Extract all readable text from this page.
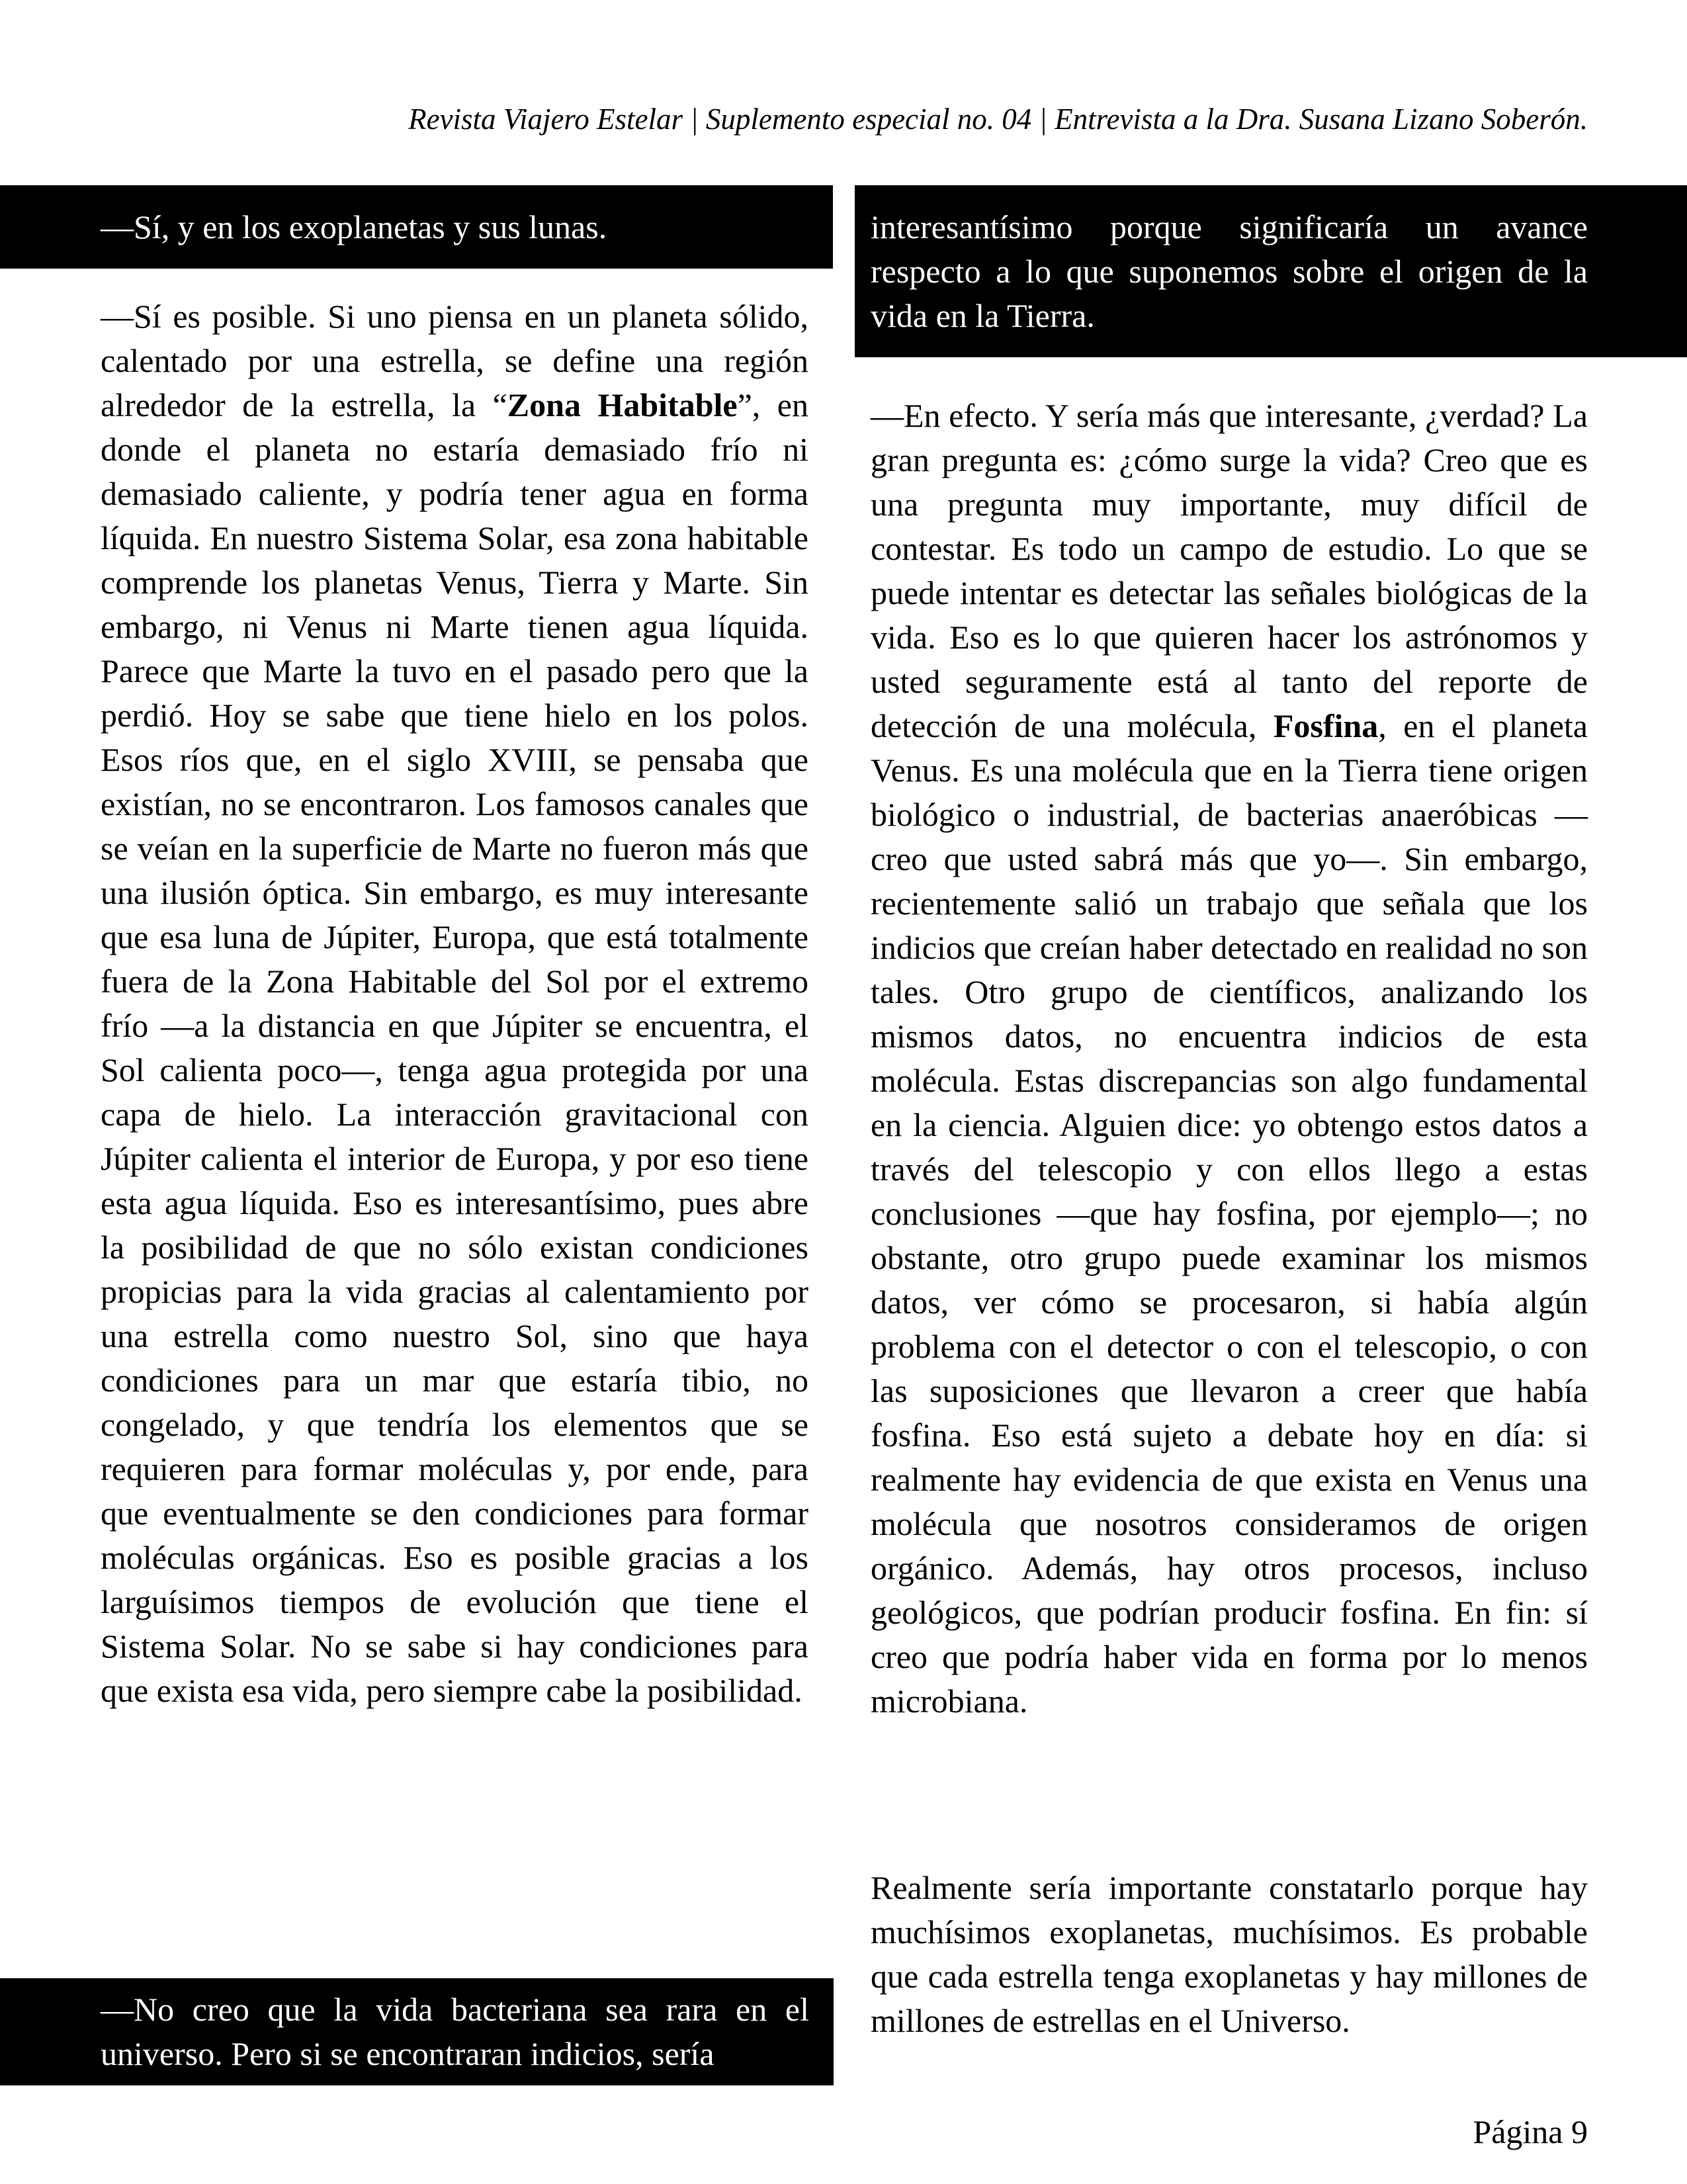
Revista Viajero Estelar | Suplemento especial no. 04 | Entrevista a la Dra. Susana Lizano Soberón.

—Sí, y en los exoplanetas y sus lunas.

—Sí es posible. Si uno piensa en un planeta sólido, calentado por una estrella, se define una región alrededor de la estrella, la “Zona Habitable”, en donde el planeta no estaría demasiado frío ni demasiado caliente, y podría tener agua en forma líquida. En nuestro Sistema Solar, esa zona habitable comprende los planetas Venus, Tierra y Marte. Sin embargo, ni Venus ni Marte tienen agua líquida. Parece que Marte la tuvo en el pasado pero que la perdió. Hoy se sabe que tiene hielo en los polos. Esos ríos que, en el siglo XVIII, se pensaba que existían, no se encontraron. Los famosos canales que se veían en la superficie de Marte no fueron más que una ilusión óptica. Sin embargo, es muy interesante que esa luna de Júpiter, Europa, que está totalmente fuera de la Zona Habitable del Sol por el extremo frío —a la distancia en que Júpiter se encuentra, el Sol calienta poco—, tenga agua protegida por una capa de hielo. La interacción gravitacional con Júpiter calienta el interior de Europa, y por eso tiene esta agua líquida. Eso es interesantísimo, pues abre la posibilidad de que no sólo existan condiciones propicias para la vida gracias al calentamiento por una estrella como nuestro Sol, sino que haya condiciones para un mar que estaría tibio, no congelado, y que tendría los elementos que se requieren para formar moléculas y, por ende, para que eventualmente se den condiciones para formar moléculas orgánicas. Eso es posible gracias a los larguísimos tiempos de evolución que tiene el Sistema Solar. No se sabe si hay condiciones para que exista esa vida, pero siempre cabe la posibilidad.

—No creo que la vida bacteriana sea rara en el universo. Pero si se encontraran indicios, sería

interesantísimo porque significaría un avance respecto a lo que suponemos sobre el origen de la vida en la Tierra.

—En efecto. Y sería más que interesante, ¿verdad? La gran pregunta es: ¿cómo surge la vida? Creo que es una pregunta muy importante, muy difícil de contestar. Es todo un campo de estudio. Lo que se puede intentar es detectar las señales biológicas de la vida. Eso es lo que quieren hacer los astrónomos y usted seguramente está al tanto del reporte de detección de una molécula, Fosfina, en el planeta Venus. Es una molécula que en la Tierra tiene origen biológico o industrial, de bacterias anaeróbicas —creo que usted sabrá más que yo—. Sin embargo, recientemente salió un trabajo que señala que los indicios que creían haber detectado en realidad no son tales. Otro grupo de científicos, analizando los mismos datos, no encuentra indicios de esta molécula. Estas discrepancias son algo fundamental en la ciencia. Alguien dice: yo obtengo estos datos a través del telescopio y con ellos llego a estas conclusiones —que hay fosfina, por ejemplo—; no obstante, otro grupo puede examinar los mismos datos, ver cómo se procesaron, si había algún problema con el detector o con el telescopio, o con las suposiciones que llevaron a creer que había fosfina. Eso está sujeto a debate hoy en día: si realmente hay evidencia de que exista en Venus una molécula que nosotros consideramos de origen orgánico. Además, hay otros procesos, incluso geológicos, que podrían producir fosfina. En fin: sí creo que podría haber vida en forma por lo menos microbiana.
Realmente sería importante constatarlo porque hay muchísimos exoplanetas, muchísimos. Es probable que cada estrella tenga exoplanetas y hay millones de millones de estrellas en el Universo.
Página 9
